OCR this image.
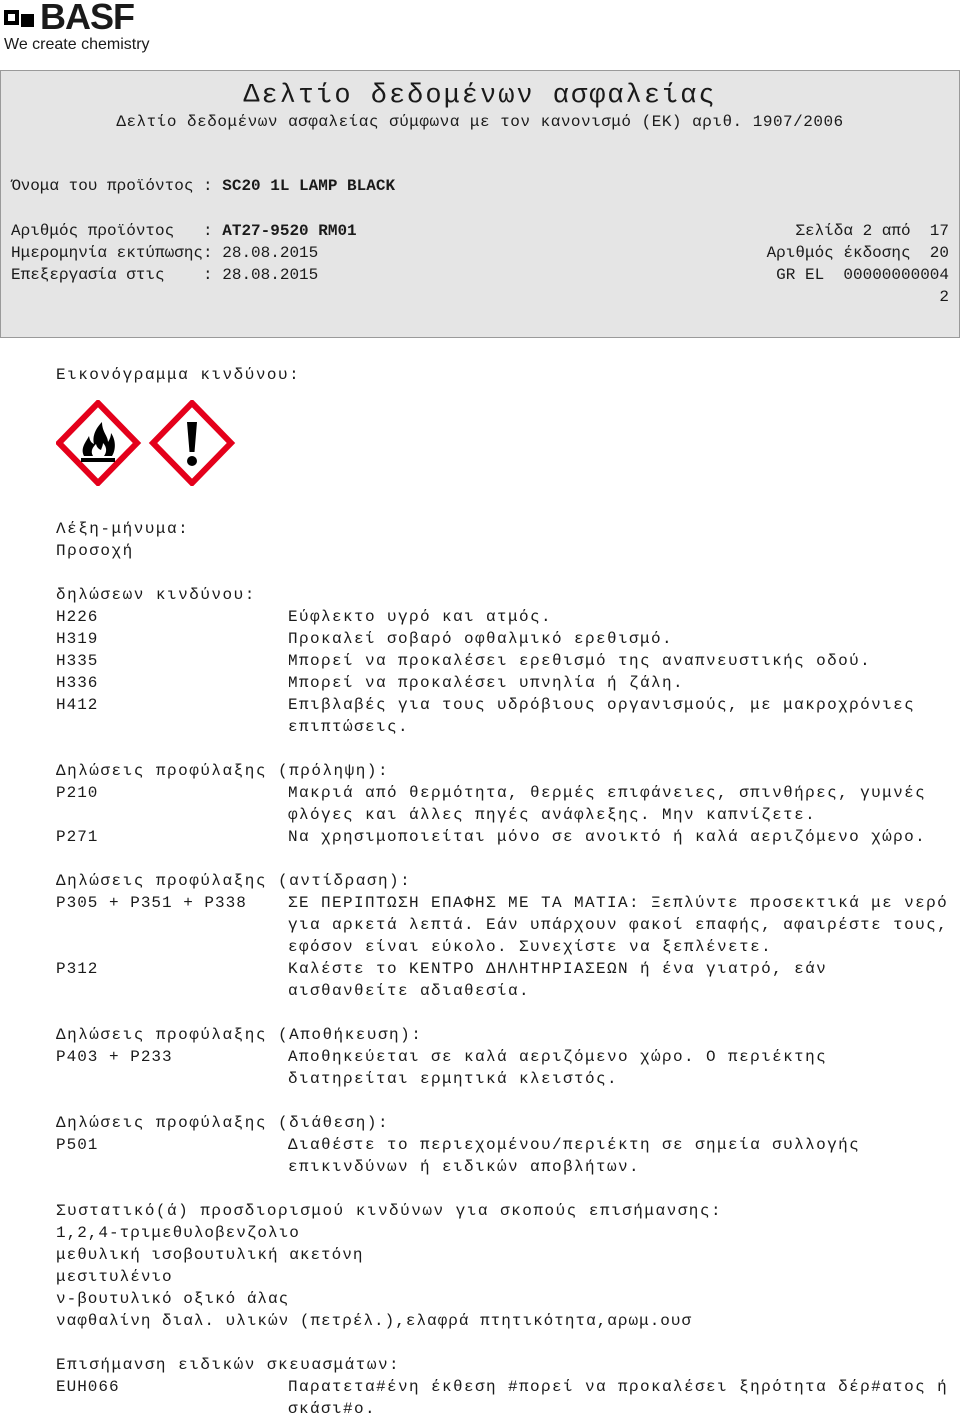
BASF
We create chemistry
Δελτίο δεδομένων ασφαλείας
Δελτίο δεδομένων ασφαλείας σύμφωνα με τον κανονισμό (ΕΚ) αριθ. 1907/2006
Όνομα του προϊόντος : SC20 1L LAMP BLACK
Αριθμός προϊόντος   : AT27-9520 RM01
Ημερομηνία εκτύπωσης: 28.08.2015
Επεξεργασία στις    : 28.08.2015
Σελίδα 2 από  17
Αριθμός έκδοσης  20
GR EL  00000000004
2
Εικονόγραμμα κινδύνου:
Λέξη-μήνυμα:
Προσοχή
δηλώσεων κινδύνου:
H226	Εύφλεκτο υγρό και ατμός.
H319	Προκαλεί σοβαρό οφθαλμικό ερεθισμό.
H335	Μπορεί να προκαλέσει ερεθισμό της αναπνευστικής οδού.
H336	Μπορεί να προκαλέσει υπνηλία ή ζάλη.
H412	Επιβλαβές για τους υδρόβιους οργανισμούς, με μακροχρόνιες
επιπτώσεις.
Δηλώσεις προφύλαξης (πρόληψη):
P210	Μακριά από θερμότητα, θερμές επιφάνειες, σπινθήρες, γυμνές
φλόγες και άλλες πηγές ανάφλεξης. Μην καπνίζετε.
P271	Να χρησιμοποιείται μόνο σε ανοικτό ή καλά αεριζόμενο χώρο.
Δηλώσεις προφύλαξης (αντίδραση):
P305 + P351 + P338	ΣΕ ΠΕΡΙΠΤΩΣΗ ΕΠΑΦΗΣ ΜΕ ΤΑ ΜΑΤΙΑ: Ξεπλύντε προσεκτικά με νερό
για αρκετά λεπτά. Εάν υπάρχουν φακοί επαφής, αφαιρέστε τους,
εφόσον είναι εύκολο. Συνεχίστε να ξεπλένετε.
P312	Καλέστε το ΚΕΝΤΡΟ ΔΗΛΗΤΗΡΙΑΣΕΩΝ ή ένα γιατρό, εάν
αισθανθείτε αδιαθεσία.
Δηλώσεις προφύλαξης (Αποθήκευση):
P403 + P233	Αποθηκεύεται σε καλά αεριζόμενο χώρο. Ο περιέκτης
διατηρείται ερμητικά κλειστός.
Δηλώσεις προφύλαξης (διάθεση):
P501	Διαθέστε το περιεχομένου/περιέκτη σε σημεία συλλογής
επικινδύνων ή ειδικών αποβλήτων.
Συστατικό(ά) προσδιορισμού κινδύνων για σκοπούς επισήμανσης:
1,2,4-τριμεθυλοβενζολιο
μεθυλική ισοβουτυλική ακετόνη
μεσιτυλένιο
ν-βουτυλικό οξικό άλας
ναφθαλίνη διαλ. υλικών (πετρέλ.),ελαφρά πτητικότητα,αρωμ.ουσ
Επισήμανση ειδικών σκευασμάτων:
EUH066	Παρατετα#ένη έκθεση #πορεί να προκαλέσει ξηρότητα δέρ#ατος ή
σκάσι#ο.
